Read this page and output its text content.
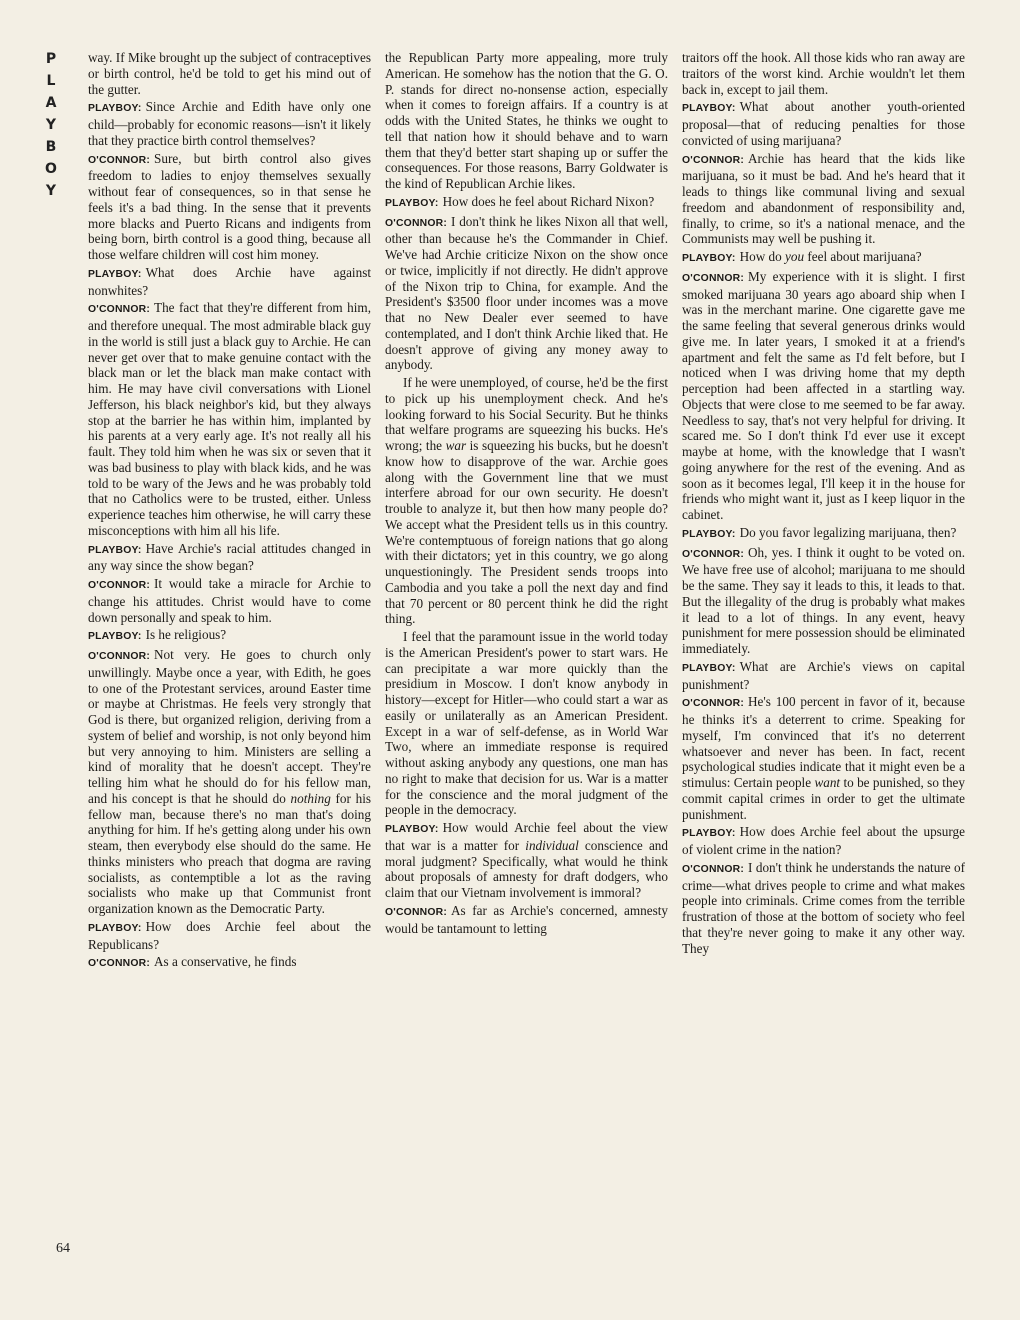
P
L
A
Y
B
O
Y
64

way. If Mike brought up the subject of contraceptives or birth control, he'd be told to get his mind out of the gutter.

PLAYBOY : Since Archie and Edith have only one child—probably for economic reasons—isn't it likely that they practice birth control themselves?

O'CONNOR : Sure, but birth control also gives freedom to ladies to enjoy themselves sexually without fear of consequences, so in that sense he feels it's a bad thing. In the sense that it prevents more blacks and Puerto Ricans and indigents from being born, birth control is a good thing, because all those welfare children will cost him money.

PLAYBOY : What does Archie have against nonwhites?

O'CONNOR : The fact that they're different from him, and therefore unequal. The most admirable black guy in the world is still just a black guy to Archie. He can never get over that to make genuine contact with the black man or let the black man make contact with him. He may have civil conversations with Lionel Jefferson, his black neighbor's kid, but they always stop at the barrier he has within him, implanted by his parents at a very early age. It's not really all his fault. They told him when he was six or seven that it was bad business to play with black kids, and he was told to be wary of the Jews and he was probably told that no Catholics were to be trusted, either. Unless experience teaches him otherwise, he will carry these misconceptions with him all his life.

PLAYBOY : Have Archie's racial attitudes changed in any way since the show began?

O'CONNOR : It would take a miracle for Archie to change his attitudes. Christ would have to come down personally and speak to him.

PLAYBOY : Is he religious?

O'CONNOR : Not very. He goes to church only unwillingly. Maybe once a year, with Edith, he goes to one of the Protestant services, around Easter time or maybe at Christmas. He feels very strongly that God is there, but organized religion, deriving from a system of belief and worship, is not only beyond him but very annoying to him. Ministers are selling a kind of morality that he doesn't accept. They're telling him what he should do for his fellow man, and his concept is that he should do nothing for his fellow man, because there's no man that's doing anything for him. If he's getting along under his own steam, then everybody else should do the same. He thinks ministers who preach that dogma are raving socialists, as contemptible a lot as the raving socialists who make up that Communist front organization known as the Democratic Party.

PLAYBOY : How does Archie feel about the Republicans?

O'CONNOR : As a conservative, he finds

the Republican Party more appealing, more truly American. He somehow has the notion that the G. O. P. stands for direct no-nonsense action, especially when it comes to foreign affairs. If a country is at odds with the United States, he thinks we ought to tell that nation how it should behave and to warn them that they'd better start shaping up or suffer the consequences. For those reasons, Barry Goldwater is the kind of Republican Archie likes.

PLAYBOY : How does he feel about Richard Nixon?

O'CONNOR : I don't think he likes Nixon all that well, other than because he's the Commander in Chief. We've had Archie criticize Nixon on the show once or twice, implicitly if not directly. He didn't approve of the Nixon trip to China, for example. And the President's $3500 floor under incomes was a move that no New Dealer ever seemed to have contemplated, and I don't think Archie liked that. He doesn't approve of giving any money away to anybody.

If he were unemployed, of course, he'd be the first to pick up his unemployment check. And he's looking forward to his Social Security. But he thinks that welfare programs are squeezing his bucks. He's wrong; the war is squeezing his bucks, but he doesn't know how to disapprove of the war. Archie goes along with the Government line that we must interfere abroad for our own security. He doesn't trouble to analyze it, but then how many people do? We accept what the President tells us in this country. We're contemptuous of foreign nations that go along with their dictators; yet in this country, we go along unquestioningly. The President sends troops into Cambodia and you take a poll the next day and find that 70 percent or 80 percent think he did the right thing.

I feel that the paramount issue in the world today is the American President's power to start wars. He can precipitate a war more quickly than the presidium in Moscow. I don't know anybody in history—except for Hitler—who could start a war as easily or unilaterally as an American President. Except in a war of self-defense, as in World War Two, where an immediate response is required without asking anybody any questions, one man has no right to make that decision for us. War is a matter for the conscience and the moral judgment of the people in the democracy.

PLAYBOY : How would Archie feel about the view that war is a matter for individual conscience and moral judgment? Specifically, what would he think about proposals of amnesty for draft dodgers, who claim that our Vietnam involvement is immoral?

O'CONNOR : As far as Archie's concerned, amnesty would be tantamount to letting

traitors off the hook. All those kids who ran away are traitors of the worst kind. Archie wouldn't let them back in, except to jail them.

PLAYBOY : What about another youth-oriented proposal—that of reducing penalties for those convicted of using marijuana?

O'CONNOR : Archie has heard that the kids like marijuana, so it must be bad. And he's heard that it leads to things like communal living and sexual freedom and abandonment of responsibility and, finally, to crime, so it's a national menace, and the Communists may well be pushing it.

PLAYBOY : How do you feel about marijuana?

O'CONNOR : My experience with it is slight. I first smoked marijuana 30 years ago aboard ship when I was in the merchant marine. One cigarette gave me the same feeling that several generous drinks would give me. In later years, I smoked it at a friend's apartment and felt the same as I'd felt before, but I noticed when I was driving home that my depth perception had been affected in a startling way. Objects that were close to me seemed to be far away. Needless to say, that's not very helpful for driving. It scared me. So I don't think I'd ever use it except maybe at home, with the knowledge that I wasn't going anywhere for the rest of the evening. And as soon as it becomes legal, I'll keep it in the house for friends who might want it, just as I keep liquor in the cabinet.

PLAYBOY : Do you favor legalizing marijuana, then?

O'CONNOR : Oh, yes. I think it ought to be voted on. We have free use of alcohol; marijuana to me should be the same. They say it leads to this, it leads to that. But the illegality of the drug is probably what makes it lead to a lot of things. In any event, heavy punishment for mere possession should be eliminated immediately.

PLAYBOY : What are Archie's views on capital punishment?

O'CONNOR : He's 100 percent in favor of it, because he thinks it's a deterrent to crime. Speaking for myself, I'm convinced that it's no deterrent whatsoever and never has been. In fact, recent psychological studies indicate that it might even be a stimulus: Certain people want to be punished, so they commit capital crimes in order to get the ultimate punishment.

PLAYBOY : How does Archie feel about the upsurge of violent crime in the nation?

O'CONNOR : I don't think he understands the nature of crime—what drives people to crime and what makes people into criminals. Crime comes from the terrible frustration of those at the bottom of society who feel that they're never going to make it any other way. They
